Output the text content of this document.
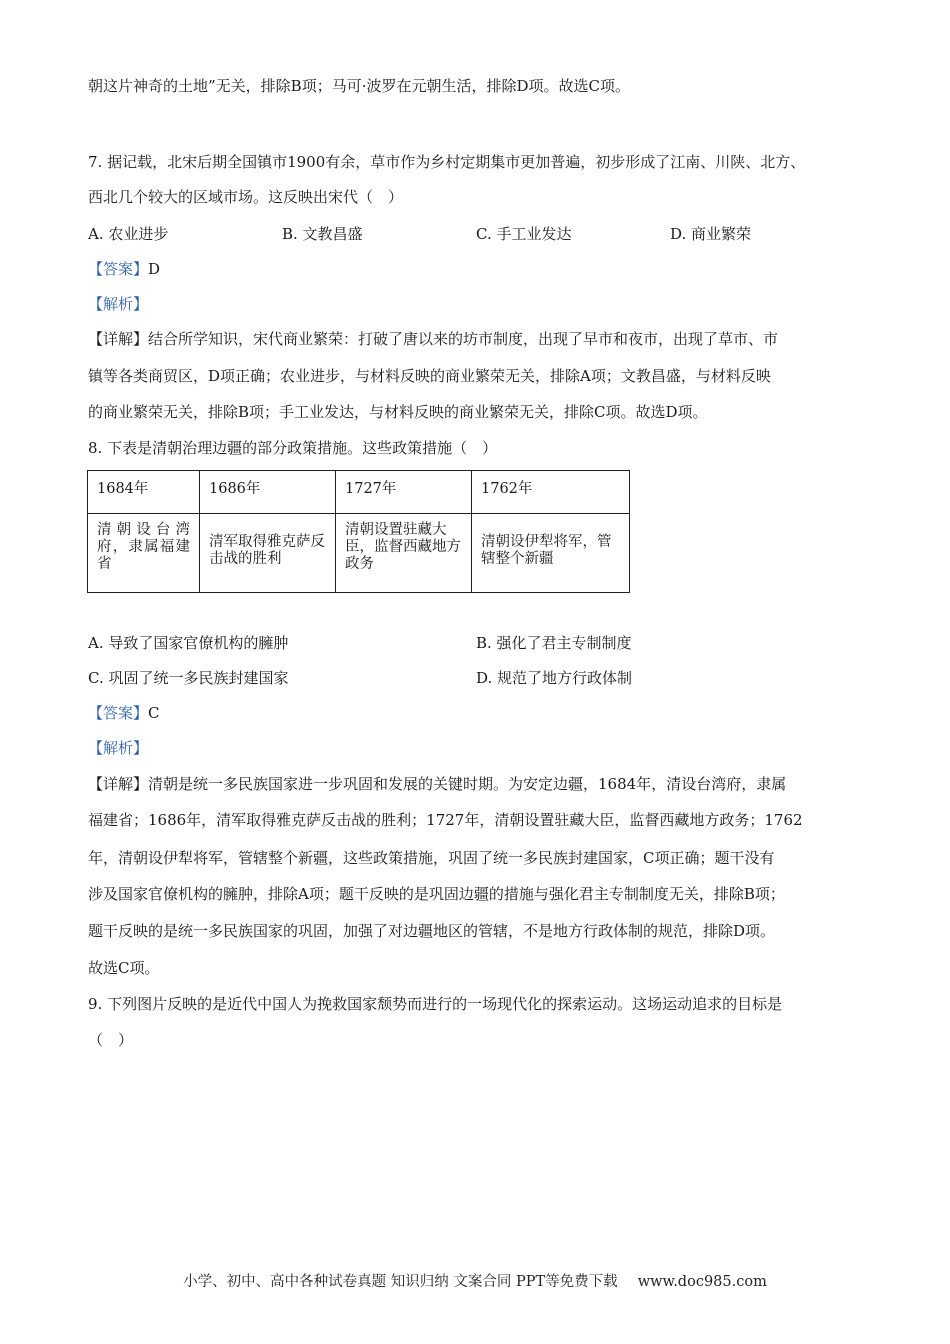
朝这片神奇的土地”无关，排除B项；马可·波罗在元朝生活，排除D项。故选C项。
7. 据记载，北宋后期全国镇市1900有余，草市作为乡村定期集市更加普遍，初步形成了江南、川陕、北方、
西北几个较大的区域市场。这反映出宋代（　）
A. 农业进步	B. 文教昌盛	C. 手工业发达	D. 商业繁荣
【答案】D
【解析】
【详解】结合所学知识，宋代商业繁荣：打破了唐以来的坊市制度，出现了早市和夜市，出现了草市、市
镇等各类商贸区，D项正确；农业进步，与材料反映的商业繁荣无关，排除A项；文教昌盛，与材料反映
的商业繁荣无关，排除B项；手工业发达，与材料反映的商业繁荣无关，排除C项。故选D项。
8. 下表是清朝治理边疆的部分政策措施。这些政策措施（　）
1684年	1686年	1727年	1762年

清朝设台湾府，隶属福建省	清军取得雅克萨反击战的胜利	清朝设置驻藏大臣，监督西藏地方政务	清朝设伊犁将军，管辖整个新疆
A. 导致了国家官僚机构的臃肿	B. 强化了君主专制制度
C. 巩固了统一多民族封建国家	D. 规范了地方行政体制
【答案】C
【解析】
【详解】清朝是统一多民族国家进一步巩固和发展的关键时期。为安定边疆，1684年，清设台湾府，隶属
福建省；1686年，清军取得雅克萨反击战的胜利；1727年，清朝设置驻藏大臣，监督西藏地方政务；1762
年，清朝设伊犁将军，管辖整个新疆，这些政策措施，巩固了统一多民族封建国家，C项正确；题干没有
涉及国家官僚机构的臃肿，排除A项；题干反映的是巩固边疆的措施与强化君主专制制度无关，排除B项；
题干反映的是统一多民族国家的巩固，加强了对边疆地区的管辖，不是地方行政体制的规范，排除D项。
故选C项。
9. 下列图片反映的是近代中国人为挽救国家颓势而进行的一场现代化的探索运动。这场运动追求的目标是
（　）
小学、初中、高中各种试卷真题 知识归纳 文案合同 PPT等免费下载 www.doc985.com
